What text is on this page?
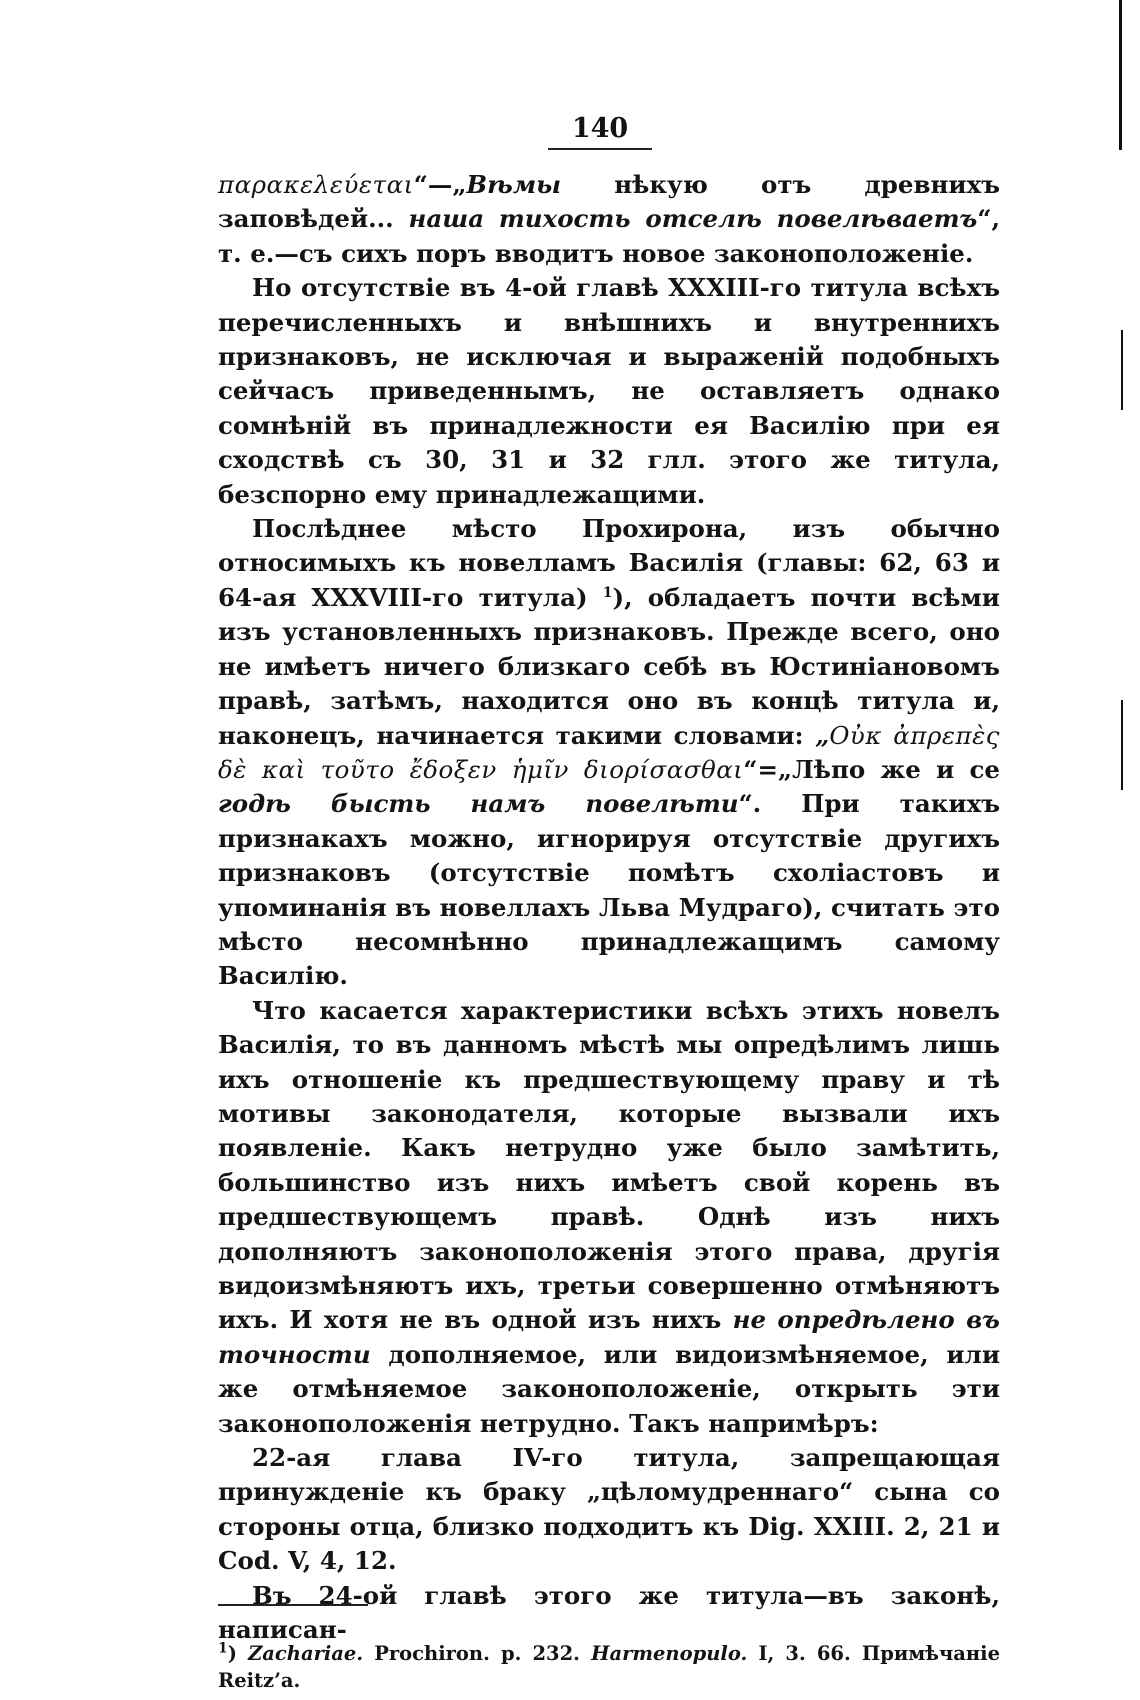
140

παρακελεύεται“—„Вѣмы нѣкую отъ древнихъ заповѣдей... наша тихость отселѣ повелѣваетъ“, т. е.—съ сихъ поръ вводитъ новое законоположеніе.

Но отсутствіе въ 4-ой главѣ XXXIII-го титула всѣхъ перечисленныхъ и внѣшнихъ и внутреннихъ признаковъ, не исключая и выраженій подобныхъ сейчасъ приведеннымъ, не оставляетъ однако сомнѣній въ принадлежности ея Василію при ея сходствѣ съ 30, 31 и 32 глл. этого же титула, безспорно ему принадлежащими.

Послѣднее мѣсто Прохирона, изъ обычно относимыхъ къ новелламъ Василія (главы: 62, 63 и 64-ая XXXVIII-го титула) $^1$), обладаетъ почти всѣми изъ установленныхъ признаковъ. Прежде всего, оно не имѣетъ ничего близкаго себѣ въ Юстиніановомъ правѣ, затѣмъ, находится оно въ концѣ титула и, наконецъ, начинается такими словами: „Οὐκ ἀπρεπὲς δὲ καὶ τοῦτο ἔδοξεν ἡμῖν διορίσασθαι“=„Лѣпо же и се годѣ бысть намъ повелѣти“. При такихъ признакахъ можно, игнорируя отсутствіе другихъ признаковъ (отсутствіе помѣтъ схоліастовъ и упоминанія въ новеллахъ Льва Мудраго), считать это мѣсто несомнѣнно принадлежащимъ самому Василію.

Что касается характеристики всѣхъ этихъ новелъ Василія, то въ данномъ мѣстѣ мы опредѣлимъ лишь ихъ отношеніе къ предшествующему праву и тѣ мотивы законодателя, которые вызвали ихъ появленіе. Какъ нетрудно уже было замѣтить, большинство изъ нихъ имѣетъ свой корень въ предшествующемъ правѣ. Однѣ изъ нихъ дополняютъ законоположенія этого права, другія видоизмѣняютъ ихъ, третьи совершенно отмѣняютъ ихъ. И хотя не въ одной изъ нихъ не опредѣлено въ точности дополняемое, или видоизмѣняемое, или же отмѣняемое законоположеніе, открыть эти законоположенія нетрудно. Такъ напримѣръ:

22-ая глава IV-го титула, запрещающая принужденіе къ браку „цѣломудреннаго“ сына со стороны отца, близко подходитъ къ Dig. XXIII. 2, 21 и Cod. V, 4, 12.

Въ 24-ой главѣ этого же титула—въ законѣ, написан-

$^1$) Zachariae. Prochiron. p. 232. Harmenopulo. I, 3. 66. Примѣчаніе Reitz’a.
